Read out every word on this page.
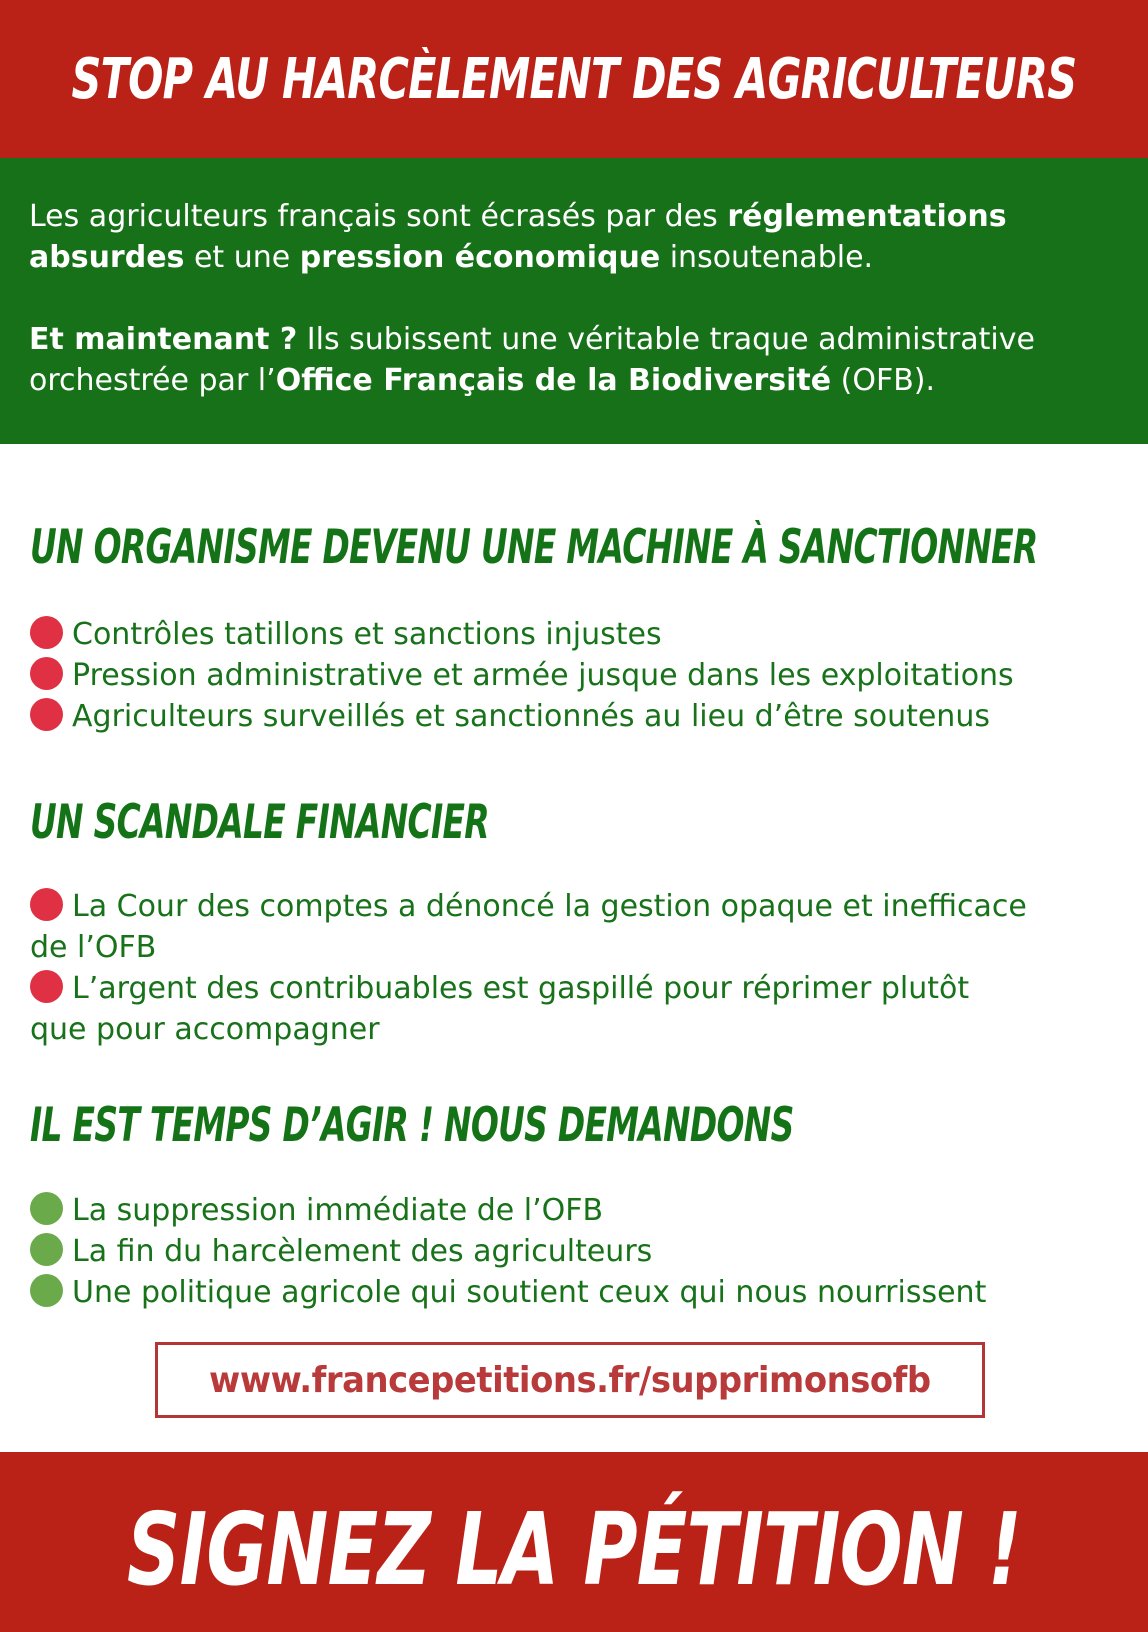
STOP AU HARCÈLEMENT DES AGRICULTEURS

Les agriculteurs français sont écrasés par des réglementations
absurdes et une pression économique insoutenable.

Et maintenant ? Ils subissent une véritable traque administrative
orchestrée par l’Office Français de la Biodiversité (OFB).

UN ORGANISME DEVENU UNE MACHINE À SANCTIONNER
Contrôles tatillons et sanctions injustes
Pression administrative et armée jusque dans les exploitations
Agriculteurs surveillés et sanctionnés au lieu d’être soutenus
UN SCANDALE FINANCIER
La Cour des comptes a dénoncé la gestion opaque et inefficace de l’OFB
L’argent des contribuables est gaspillé pour réprimer plutôt que pour accompagner
IL EST TEMPS D’AGIR ! NOUS DEMANDONS
La suppression immédiate de l’OFB
La fin du harcèlement des agriculteurs
Une politique agricole qui soutient ceux qui nous nourrissent
www.francepetitions.fr/supprimonsofb
SIGNEZ LA PÉTITION !
